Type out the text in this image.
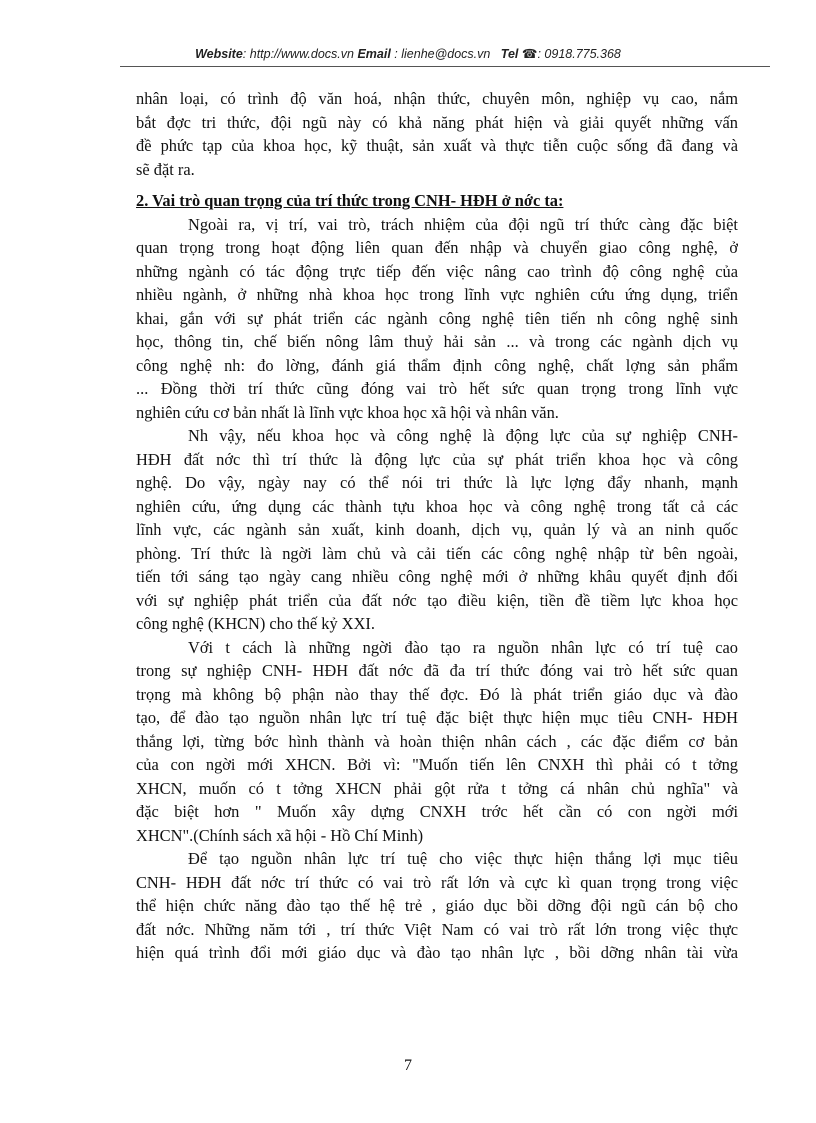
Website: http://www.docs.vn Email : lienhe@docs.vn Tel ☎: 0918.775.368
nhân loại, có trình độ văn hoá, nhận thức, chuyên môn, nghiệp vụ cao, nắm
bắt đợc tri thức, đội ngũ này có khả năng phát hiện và giải quyết những vấn
đề phức tạp của khoa học, kỹ thuật, sản xuất và thực tiễn cuộc sống đã đang và
sẽ đặt ra.
2. Vai trò quan trọng của trí thức trong CNH- HĐH ở nớc ta:
Ngoài ra, vị trí, vai trò, trách nhiệm của đội ngũ trí thức càng đặc biệt
quan trọng trong hoạt động liên quan đến nhập và chuyển giao công nghệ, ở
những ngành có tác động trực tiếp đến việc nâng cao trình độ công nghệ của
nhiều ngành, ở những nhà khoa học trong lĩnh vực nghiên cứu ứng dụng, triển
khai, gắn với sự phát triển các ngành công nghệ tiên tiến nh công nghệ sinh
học, thông tin, chế biến nông lâm thuỷ hải sản ... và trong các ngành dịch vụ
công nghệ nh: đo lờng, đánh giá thẩm định công nghệ, chất lợng sản phẩm
... Đồng thời trí thức cũng đóng vai trò hết sức quan trọng trong lĩnh vực
nghiên cứu cơ bản nhất là lĩnh vực khoa học xã hội và nhân văn.
Nh vậy, nếu khoa học và công nghệ là động lực của sự nghiệp CNH-
HĐH đất nớc thì trí thức là động lực của sự phát triển khoa học và công
nghệ. Do vậy, ngày nay có thể nói tri thức là lực lợng đẩy nhanh, mạnh
nghiên cứu, ứng dụng các thành tựu khoa học và công nghệ trong tất cả các
lĩnh vực, các ngành sản xuất, kinh doanh, dịch vụ, quản lý và an ninh quốc
phòng. Trí thức là ngời làm chủ và cải tiến các công nghệ nhập từ bên ngoài,
tiến tới sáng tạo ngày cang nhiều công nghệ mới ở những khâu quyết định đối
với sự nghiệp phát triển của đất nớc tạo điều kiện, tiền đề tiềm lực khoa học
công nghệ (KHCN) cho thế kỷ XXI.
Với t cách là những ngời đào tạo ra nguồn nhân lực có trí tuệ cao
trong sự nghiệp CNH- HĐH đất nớc đã đa trí thức đóng vai trò hết sức quan
trọng mà không bộ phận nào thay thế đợc. Đó là phát triển giáo dục và đào
tạo, để đào tạo nguồn nhân lực trí tuệ đặc biệt thực hiện mục tiêu CNH- HĐH
thắng lợi, từng bớc hình thành và hoàn thiện nhân cách , các đặc điểm cơ bản
của con ngời mới XHCN. Bởi vì: "Muốn tiến lên CNXH thì phải có t tởng
XHCN, muốn có t tởng XHCN phải gột rửa t tởng cá nhân chủ nghĩa" và
đặc biệt hơn " Muốn xây dựng CNXH trớc hết cần có con ngời mới
XHCN".(Chính sách xã hội - Hồ Chí Minh)
Để tạo nguồn nhân lực trí tuệ cho việc thực hiện thắng lợi mục tiêu
CNH- HĐH đất nớc trí thức có vai trò rất lớn và cực kì quan trọng trong việc
thể hiện chức năng đào tạo thế hệ trẻ , giáo dục bồi dỡng đội ngũ cán bộ cho
đất nớc. Những năm tới , trí thức Việt Nam có vai trò rất lớn trong việc thực
hiện quá trình đổi mới giáo dục và đào tạo nhân lực , bồi dỡng nhân tài vừa
7
